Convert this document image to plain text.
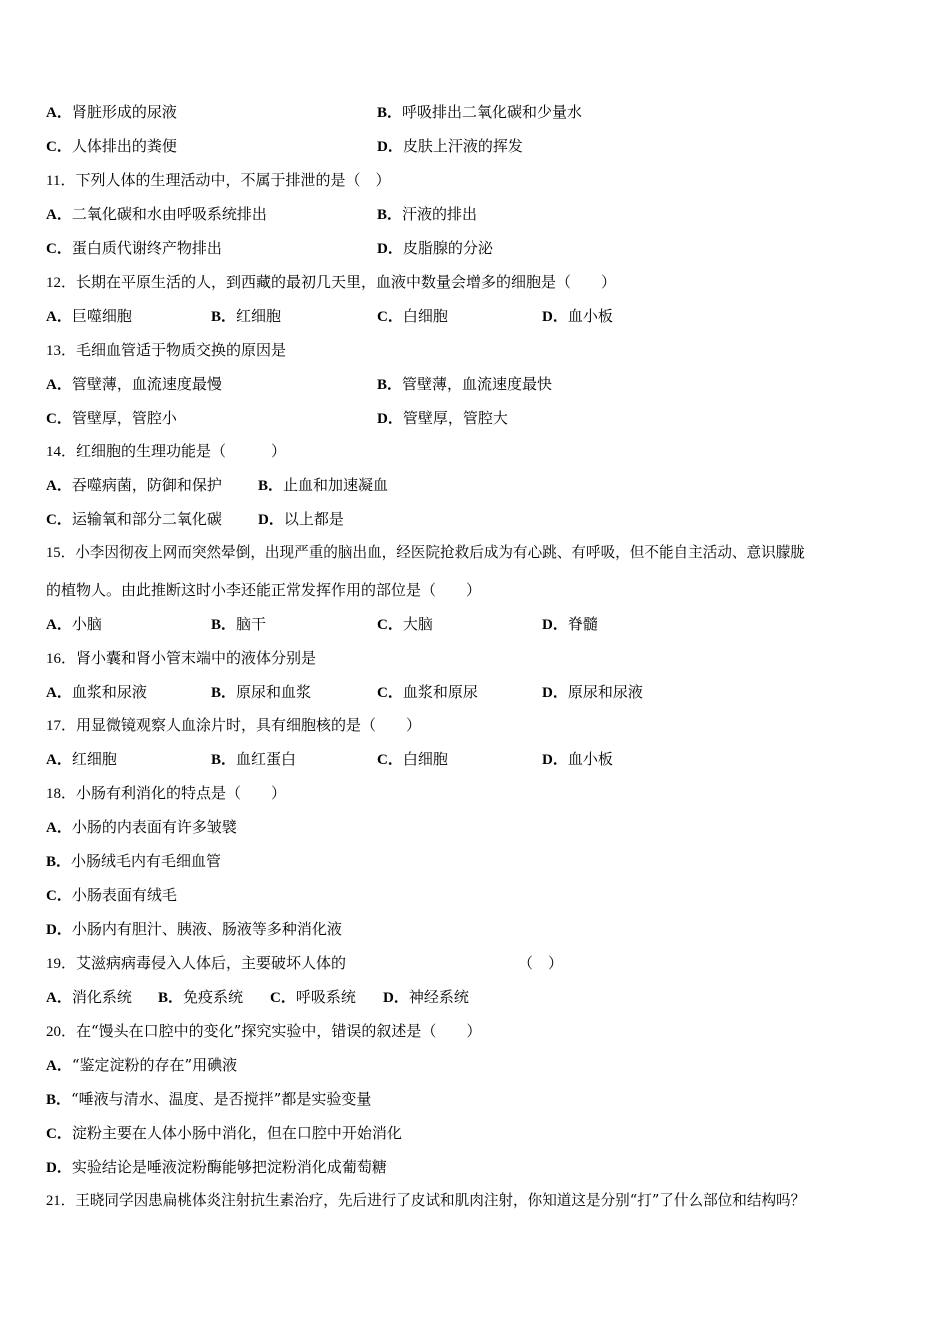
A．肾脏形成的尿液	B．呼吸排出二氧化碳和少量水
C．人体排出的粪便	D．皮肤上汗液的挥发
11．下列人体的生理活动中，不属于排泄的是（　）
A．二氧化碳和水由呼吸系统排出	B．汗液的排出
C．蛋白质代谢终产物排出	D．皮脂腺的分泌
12．长期在平原生活的人，到西藏的最初几天里，血液中数量会增多的细胞是（　　）
A．巨噬细胞	B．红细胞	C．白细胞	D．血小板
13．毛细血管适于物质交换的原因是
A．管壁薄，血流速度最慢	B．管壁薄，血流速度最快
C．管壁厚，管腔小	D．管壁厚，管腔大
14．红细胞的生理功能是（　　　）
A．吞噬病菌，防御和保护 B．止血和加速凝血
C．运输氧和部分二氧化碳 D．以上都是
15．小李因彻夜上网而突然晕倒，出现严重的脑出血，经医院抢救后成为有心跳、有呼吸，但不能自主活动、意识朦胧
的植物人。由此推断这时小李还能正常发挥作用的部位是（　　）
A．小脑	B．脑干	C．大脑	D．脊髓
16．肾小囊和肾小管末端中的液体分别是
A．血浆和尿液	B．原尿和血浆	C．血浆和原尿	D．原尿和尿液
17．用显微镜观察人血涂片时，具有细胞核的是（　　）
A．红细胞	B．血红蛋白	C．白细胞	D．血小板
18．小肠有利消化的特点是（　　）
A．小肠的内表面有许多皱襞
B．小肠绒毛内有毛细血管
C．小肠表面有绒毛
D．小肠内有胆汁、胰液、肠液等多种消化液
19．艾滋病病毒侵入人体后，主要破坏人体的	（　）
A．消化系统 B．免疫系统 C．呼吸系统 D．神经系统
20．在“馒头在口腔中的变化”探究实验中，错误的叙述是（　　）
A．“鉴定淀粉的存在”用碘液
B．“唾液与清水、温度、是否搅拌”都是实验变量
C．淀粉主要在人体小肠中消化，但在口腔中开始消化
D．实验结论是唾液淀粉酶能够把淀粉消化成葡萄糖
21．王晓同学因患扁桃体炎注射抗生素治疗，先后进行了皮试和肌肉注射，你知道这是分别“打”了什么部位和结构吗？
